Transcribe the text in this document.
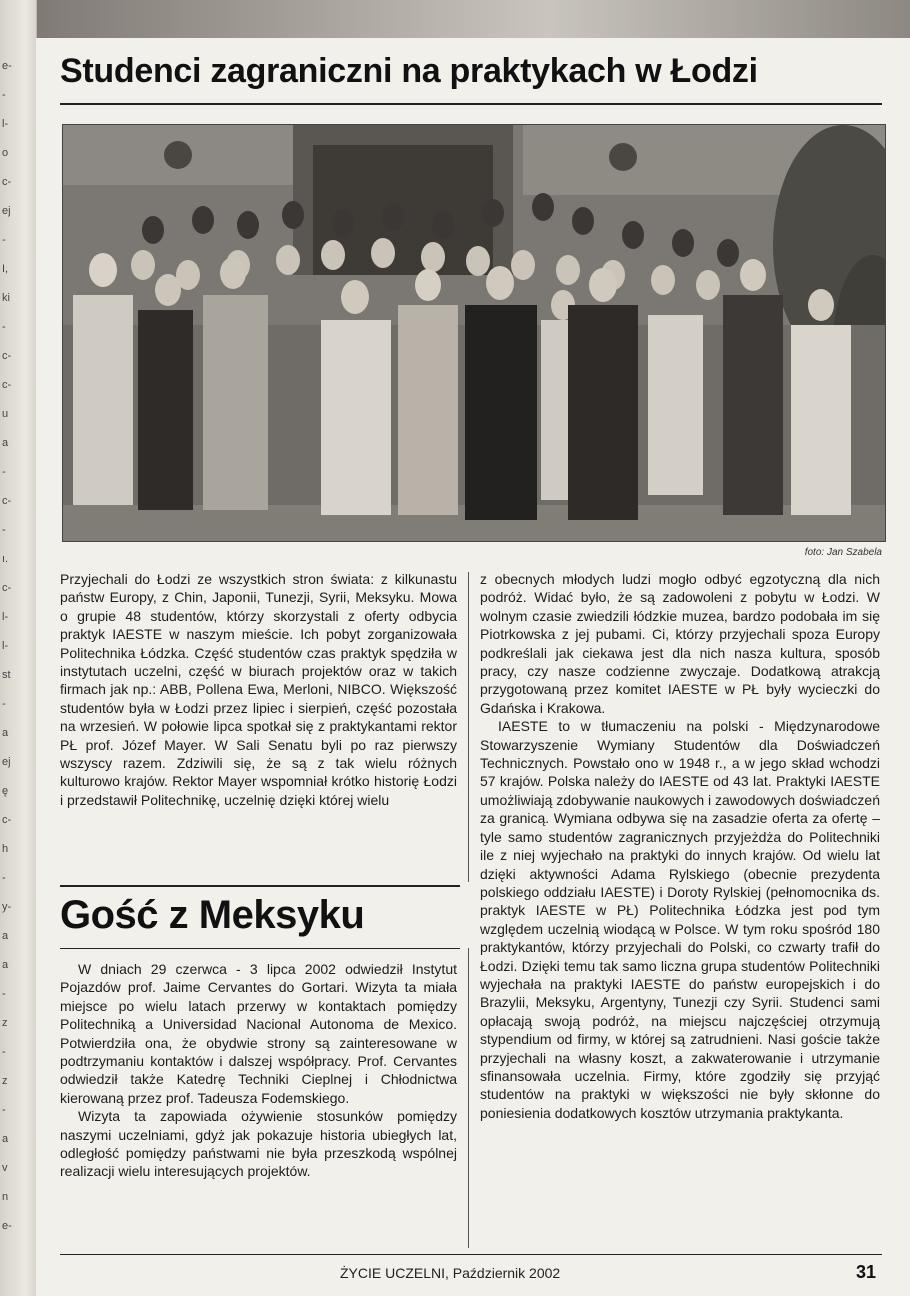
e-
-
l-
o
c-
ej
-
I,
ki
-
c-
c-
u
a
-
c-
-
ı.
c-
l-
l-
st
-
a
ej
ę
c-
h
-
y-
a
a
-
z
-
z
-
a
v
n
e-
Studenci zagraniczni na praktykach w Łodzi
foto: Jan Szabela

Przyjechali do Łodzi ze wszystkich stron świata: z kilkunastu państw Europy, z Chin, Japonii, Tunezji, Syrii, Meksyku. Mowa o grupie 48 studentów, którzy skorzystali z oferty odbycia praktyk IAESTE w naszym mieście. Ich pobyt zorganizowała Politechnika Łódzka. Część studentów czas praktyk spędziła w instytutach uczelni, część w biurach projektów oraz w takich firmach jak np.: ABB, Pollena Ewa, Merloni, NIBCO. Większość studentów była w Łodzi przez lipiec i sierpień, część pozostała na wrzesień. W połowie lipca spotkał się z praktykantami rektor PŁ prof. Józef Mayer. W Sali Senatu byli po raz pierwszy wszyscy razem. Zdziwili się, że są z tak wielu różnych kulturowo krajów. Rektor Mayer wspomniał krótko historię Łodzi i przedstawił Politechnikę, uczelnię dzięki której wielu

z obecnych młodych ludzi mogło odbyć egzotyczną dla nich podróż. Widać było, że są zadowoleni z pobytu w Łodzi. W wolnym czasie zwiedzili łódzkie muzea, bardzo podobała im się Piotrkowska z jej pubami. Ci, którzy przyjechali spoza Europy podkreślali jak ciekawa jest dla nich nasza kultura, sposób pracy, czy nasze codzienne zwyczaje. Dodatkową atrakcją przygotowaną przez komitet IAESTE w PŁ były wycieczki do Gdańska i Krakowa.

IAESTE to w tłumaczeniu na polski - Międzynarodowe Stowarzyszenie Wymiany Studentów dla Doświadczeń Technicznych. Powstało ono w 1948 r., a w jego skład wchodzi 57 krajów. Polska należy do IAESTE od 43 lat. Praktyki IAESTE umożliwiają zdobywanie naukowych i zawodowych doświadczeń za granicą. Wymiana odbywa się na zasadzie oferta za ofertę – tyle samo studentów zagranicznych przyjeżdża do Politechniki ile z niej wyjechało na praktyki do innych krajów. Od wielu lat dzięki aktywności Adama Rylskiego (obecnie prezydenta polskiego oddziału IAESTE) i Doroty Rylskiej (pełnomocnika ds. praktyk IAESTE w PŁ) Politechnika Łódzka jest pod tym względem uczelnią wiodącą w Polsce. W tym roku spośród 180 praktykantów, którzy przyjechali do Polski, co czwarty trafił do Łodzi. Dzięki temu tak samo liczna grupa studentów Politechniki wyjechała na praktyki IAESTE do państw europejskich i do Brazylii, Meksyku, Argentyny, Tunezji czy Syrii. Studenci sami opłacają swoją podróż, na miejscu najczęściej otrzymują stypendium od firmy, w której są zatrudnieni. Nasi goście także przyjechali na własny koszt, a zakwaterowanie i utrzymanie sfinansowała uczelnia. Firmy, które zgodziły się przyjąć studentów na praktyki w większości nie były skłonne do poniesienia dodatkowych kosztów utrzymania praktykanta.

Gość z Meksyku

W dniach 29 czerwca - 3 lipca 2002 odwiedził Instytut Pojazdów prof. Jaime Cervantes do Gortari. Wizyta ta miała miejsce po wielu latach przerwy w kontaktach pomiędzy Politechniką a Universidad Nacional Autonoma de Mexico. Potwierdziła ona, że obydwie strony są zainteresowane w podtrzymaniu kontaktów i dalszej współpracy. Prof. Cervantes odwiedził także Katedrę Techniki Cieplnej i Chłodnictwa kierowaną przez prof. Tadeusza Fodemskiego.

Wizyta ta zapowiada ożywienie stosunków pomiędzy naszymi uczelniami, gdyż jak pokazuje historia ubiegłych lat, odległość pomiędzy państwami nie była przeszkodą wspólnej realizacji wielu interesujących projektów.

ŻYCIE UCZELNI, Październik 2002	31
